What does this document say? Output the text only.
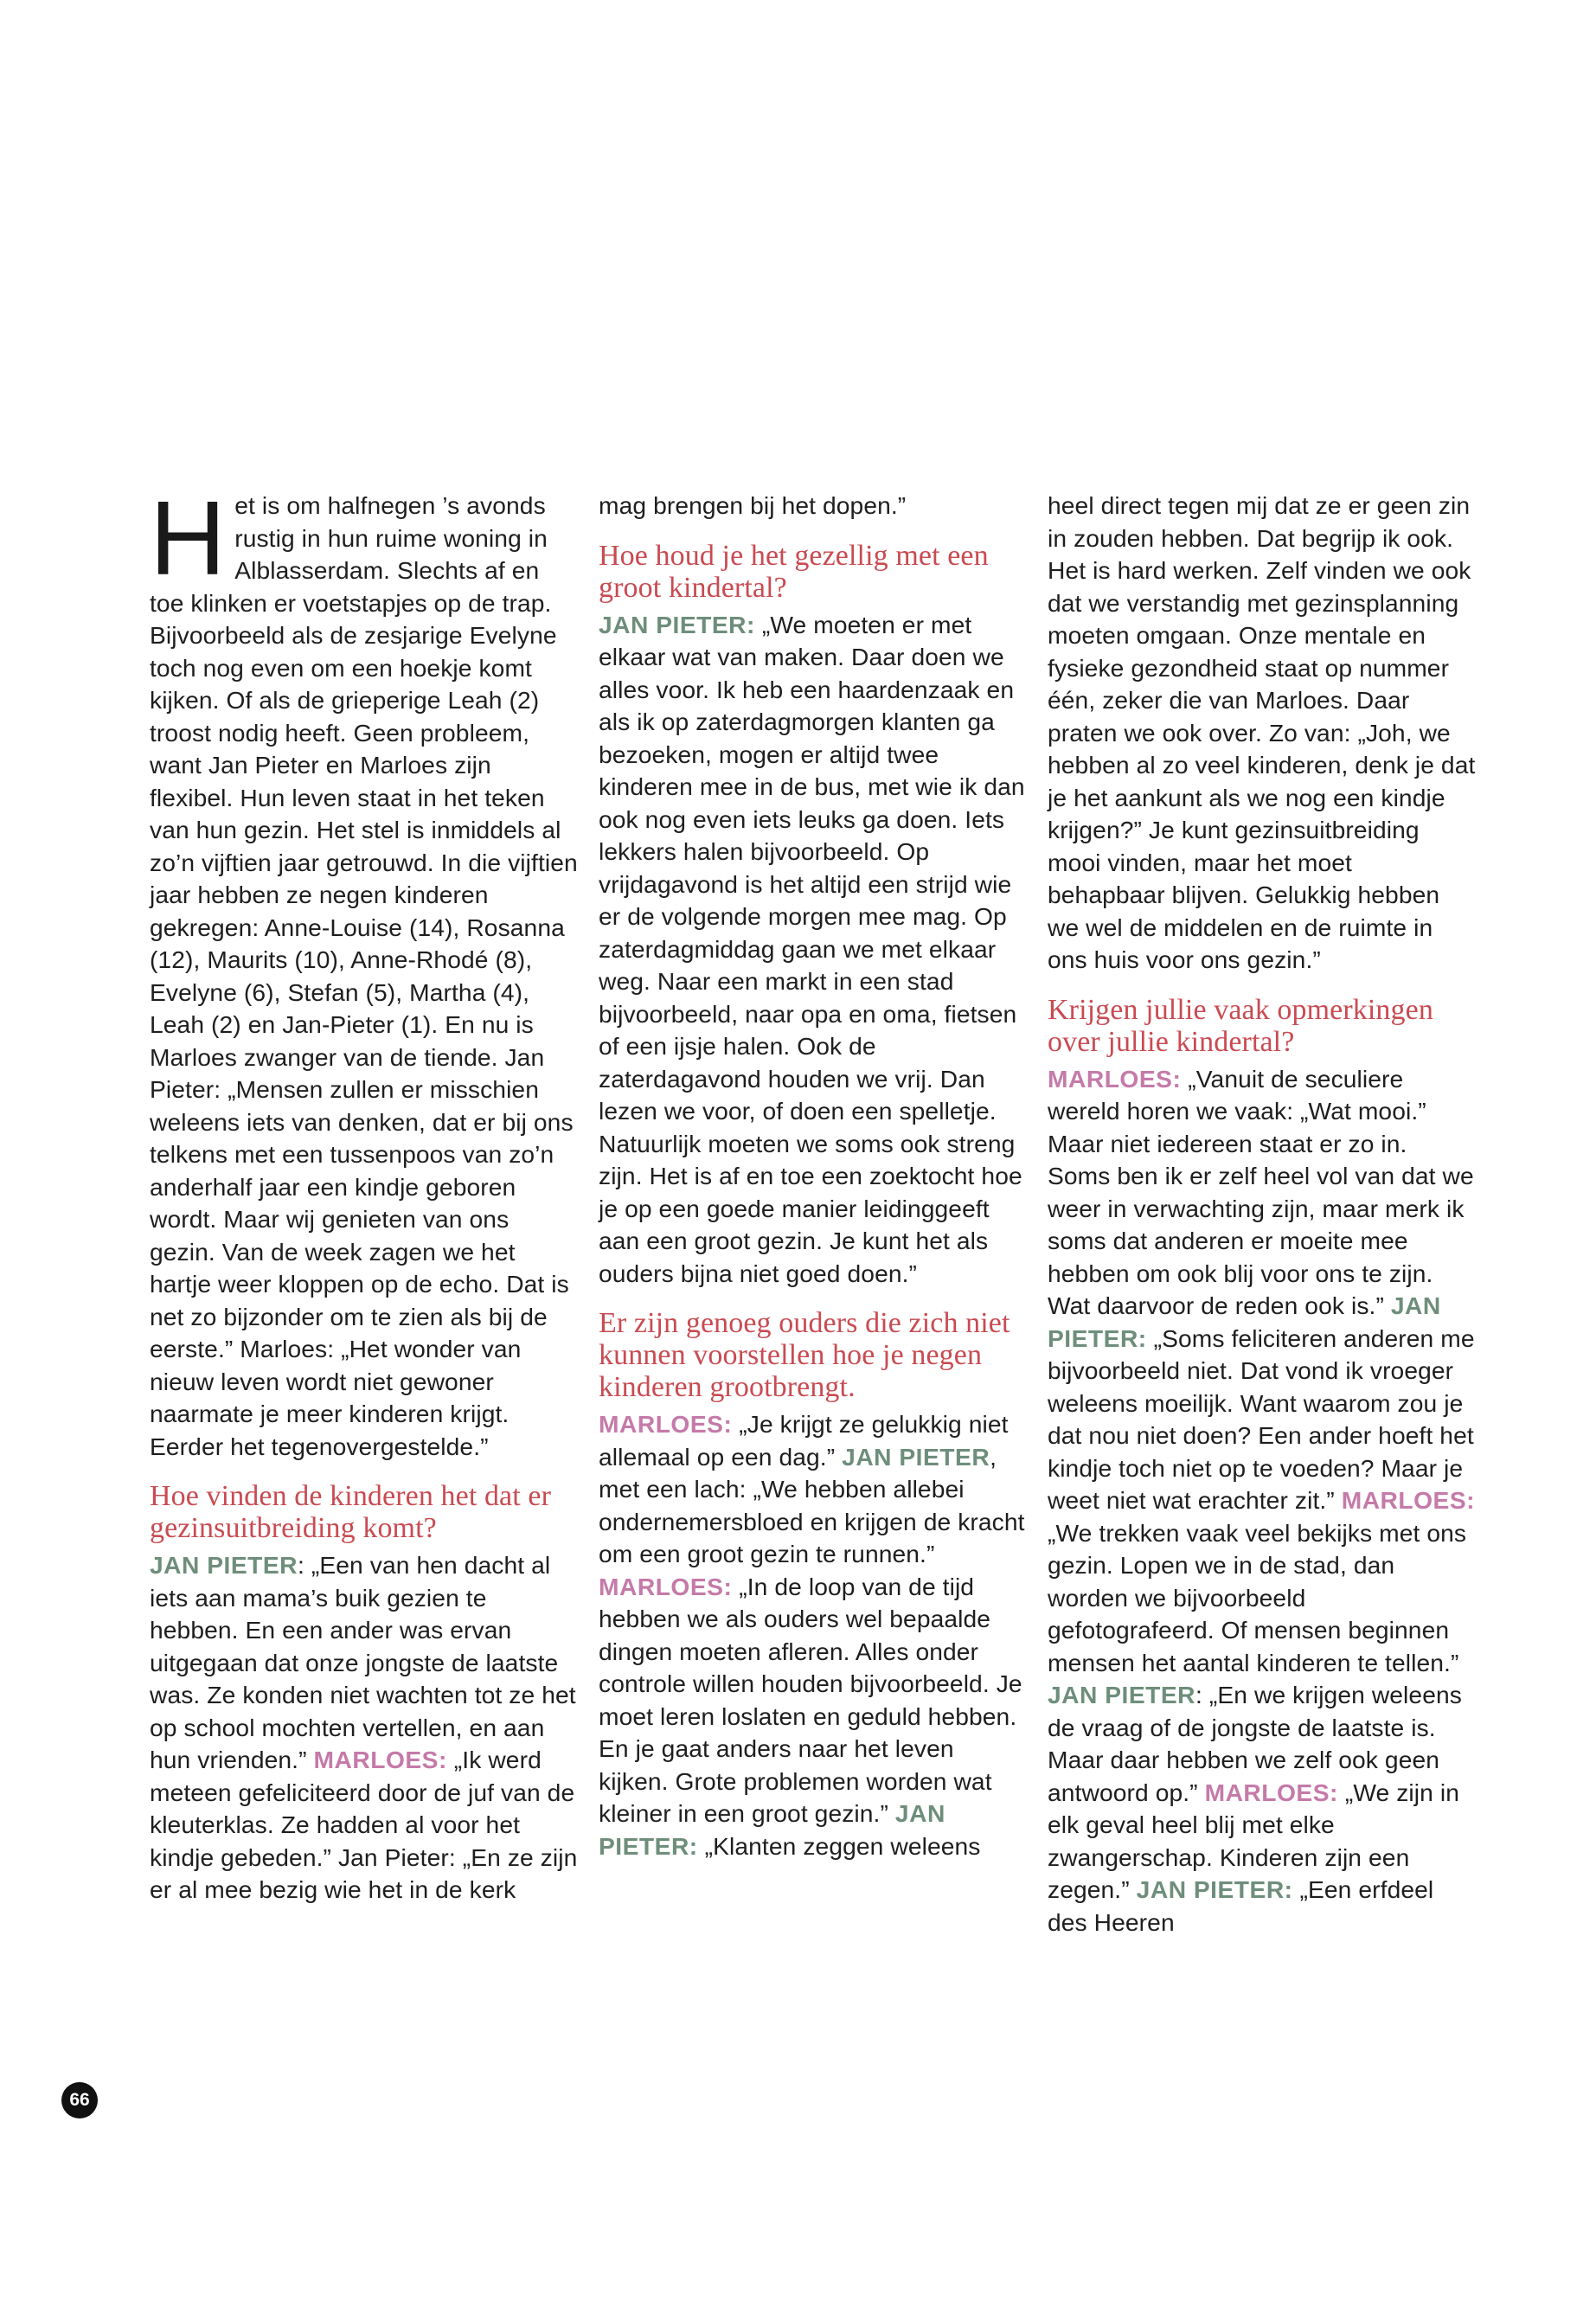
Het is om halfnegen ’s avonds rustig in hun ruime woning in Alblasserdam. Slechts af en toe klinken er voetstapjes op de trap. Bijvoorbeeld als de zesjarige Evelyne toch nog even om een hoekje komt kijken. Of als de grieperige Leah (2) troost nodig heeft. Geen probleem, want Jan Pieter en Marloes zijn flexibel. Hun leven staat in het teken van hun gezin. Het stel is inmiddels al zo’n vijftien jaar getrouwd. In die vijftien jaar hebben ze negen kinderen gekregen: Anne-Louise (14), Rosanna (12), Maurits (10), Anne-Rhodé (8), Evelyne (6), Stefan (5), Martha (4), Leah (2) en Jan-Pieter (1). En nu is Marloes zwanger van de tiende. Jan Pieter: „Mensen zullen er misschien weleens iets van denken, dat er bij ons telkens met een tussenpoos van zo’n anderhalf jaar een kindje geboren wordt. Maar wij genieten van ons gezin. Van de week zagen we het hartje weer kloppen op de echo. Dat is net zo bijzonder om te zien als bij de eerste.” Marloes: „Het wonder van nieuw leven wordt niet gewoner naarmate je meer kinderen krijgt. Eerder het tegenovergestelde.”

Hoe vinden de kinderen het dat er gezinsuitbreiding komt?

JAN PIETER: „Een van hen dacht al iets aan mama’s buik gezien te hebben. En een ander was ervan uitgegaan dat onze jongste de laatste was. Ze konden niet wachten tot ze het op school mochten vertellen, en aan hun vrienden.” MARLOES: „Ik werd meteen gefeliciteerd door de juf van de kleuterklas. Ze hadden al voor het kindje gebeden.” Jan Pieter: „En ze zijn er al mee bezig wie het in de kerk

mag brengen bij het dopen.”

Hoe houd je het gezellig met een groot kindertal?

JAN PIETER: „We moeten er met elkaar wat van maken. Daar doen we alles voor. Ik heb een haardenzaak en als ik op zaterdagmorgen klanten ga bezoeken, mogen er altijd twee kinderen mee in de bus, met wie ik dan ook nog even iets leuks ga doen. Iets lekkers halen bijvoorbeeld. Op vrijdagavond is het altijd een strijd wie er de volgende morgen mee mag. Op zaterdagmiddag gaan we met elkaar weg. Naar een markt in een stad bijvoorbeeld, naar opa en oma, fietsen of een ijsje halen. Ook de zaterdagavond houden we vrij. Dan lezen we voor, of doen een spelletje.

Natuurlijk moeten we soms ook streng zijn. Het is af en toe een zoektocht hoe je op een goede manier leidinggeeft aan een groot gezin. Je kunt het als ouders bijna niet goed doen.”

Er zijn genoeg ouders die zich niet kunnen voorstellen hoe je negen kinderen grootbrengt.

MARLOES: „Je krijgt ze gelukkig niet allemaal op een dag.” JAN PIETER, met een lach: „We hebben allebei ondernemersbloed en krijgen de kracht om een groot gezin te runnen.” MARLOES: „In de loop van de tijd hebben we als ouders wel bepaalde dingen moeten afleren. Alles onder controle willen houden bijvoorbeeld. Je moet leren loslaten en geduld hebben. En je gaat anders naar het leven kijken. Grote problemen worden wat kleiner in een groot gezin.” JAN PIETER: „Klanten zeggen weleens

heel direct tegen mij dat ze er geen zin in zouden hebben. Dat begrijp ik ook. Het is hard werken. Zelf vinden we ook dat we verstandig met gezinsplanning moeten omgaan. Onze mentale en fysieke gezondheid staat op nummer één, zeker die van Marloes. Daar praten we ook over. Zo van: „Joh, we hebben al zo veel kinderen, denk je dat je het aankunt als we nog een kindje krijgen?” Je kunt gezinsuitbreiding mooi vinden, maar het moet behapbaar blijven. Gelukkig hebben we wel de middelen en de ruimte in ons huis voor ons gezin.”

Krijgen jullie vaak opmerkingen over jullie kindertal?

MARLOES: „Vanuit de seculiere wereld horen we vaak: „Wat mooi.” Maar niet iedereen staat er zo in. Soms ben ik er zelf heel vol van dat we weer in verwachting zijn, maar merk ik soms dat anderen er moeite mee hebben om ook blij voor ons te zijn. Wat daarvoor de reden ook is.” JAN PIETER: „Soms feliciteren anderen me bijvoorbeeld niet. Dat vond ik vroeger weleens moeilijk. Want waarom zou je dat nou niet doen? Een ander hoeft het kindje toch niet op te voeden? Maar je weet niet wat erachter zit.” MARLOES: „We trekken vaak veel bekijks met ons gezin. Lopen we in de stad, dan worden we bijvoorbeeld gefotografeerd. Of mensen beginnen mensen het aantal kinderen te tellen.” JAN PIETER: „En we krijgen weleens de vraag of de jongste de laatste is. Maar daar hebben we zelf ook geen antwoord op.” MARLOES: „We zijn in elk geval heel blij met elke zwangerschap. Kinderen zijn een zegen.” JAN PIETER: „Een erfdeel des Heeren

66
